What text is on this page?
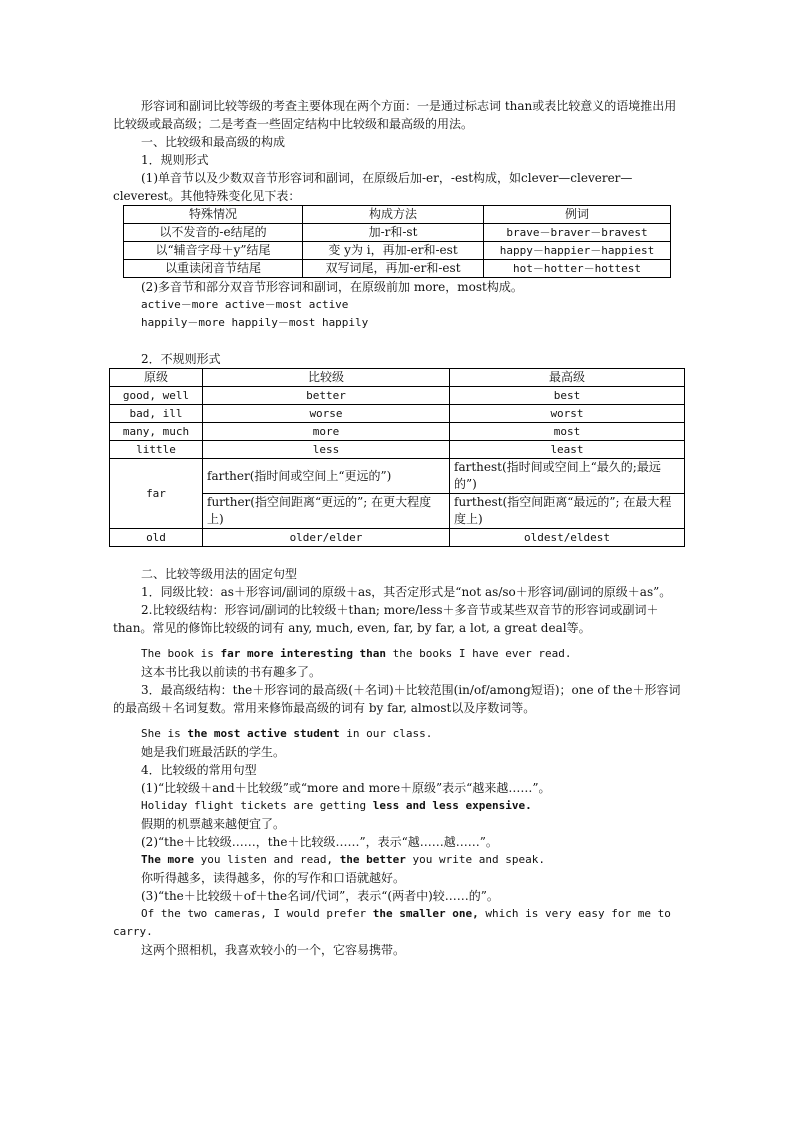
形容词和副词比较等级的考查主要体现在两个方面：一是通过标志词 than或表比较意义的语境推出用比较级或最高级；二是考查一些固定结构中比较级和最高级的用法。

一、比较级和最高级的构成

1．规则形式

(1)单音节以及少数双音节形容词和副词，在原级后加-er，-est构成，如clever—cleverer—cleverest。其他特殊变化见下表：

特殊情况	构成方法	例词
以不发音的-e结尾的	加-r和-st	brave－braver－bravest
以“辅音字母＋y”结尾	变 y为 i，再加-er和-est	happy－happier－happiest
以重读闭音节结尾	双写词尾，再加-er和-est	hot－hotter－hottest

(2)多音节和部分双音节形容词和副词，在原级前加 more，most构成。

active－more active－most active

happily－more happily－most happily

2．不规则形式

原级	比较级	最高级
good, well	better	best
bad, ill	worse	worst
many, much	more	most
little	less	least
far	farther(指时间或空间上“更远的”)	farthest(指时间或空间上“最久的;最远的”)
	further(指空间距离“更远的”; 在更大程度上)	furthest(指空间距离“最远的”; 在最大程度上)
old	older/elder	oldest/eldest

二、比较等级用法的固定句型

1．同级比较：as＋形容词/副词的原级＋as，其否定形式是“not as/so＋形容词/副词的原级＋as”。

2.比较级结构：形容词/副词的比较级＋than; more/less＋多音节或某些双音节的形容词或副词＋than。常见的修饰比较级的词有 any, much, even, far, by far, a lot, a great deal等。

The book is far more interesting than the books I have ever read.

这本书比我以前读的书有趣多了。

3．最高级结构：the＋形容词的最高级(＋名词)＋比较范围(in/of/among短语)；one of the＋形容词的最高级＋名词复数。常用来修饰最高级的词有 by far, almost以及序数词等。

She is the most active student in our class.

她是我们班最活跃的学生。

4．比较级的常用句型

(1)“比较级＋and＋比较级”或“more and more＋原级”表示“越来越……”。

Holiday flight tickets are getting less and less expensive.

假期的机票越来越便宜了。

(2)“the＋比较级……，the＋比较级……”，表示“越……越……”。

The more you listen and read, the better you write and speak.

你听得越多，读得越多，你的写作和口语就越好。

(3)“the＋比较级＋of＋the名词/代词”，表示“(两者中)较……的”。

Of the two cameras, I would prefer the smaller one, which is very easy for me to carry.

这两个照相机，我喜欢较小的一个，它容易携带。
